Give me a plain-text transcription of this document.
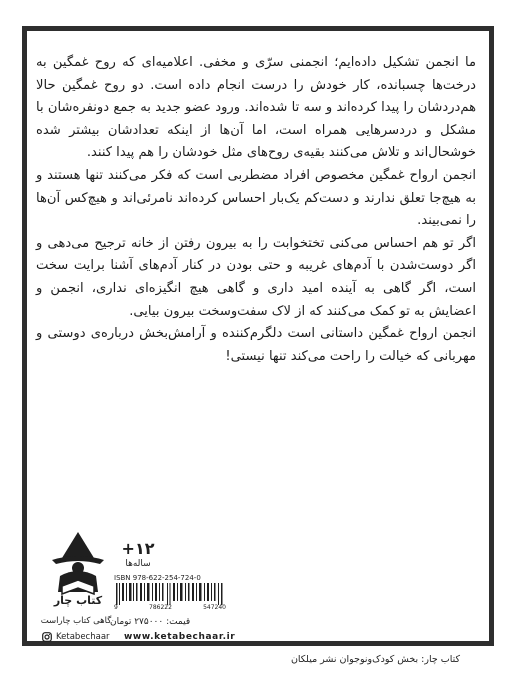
ما انجمن تشکیل داده‌ایم؛ انجمنی سرّی و مخفی. اعلامیه‌ای که روح غمگین به درخت‌ها چسبانده، کار خودش را درست انجام داده است. دو روح غمگین حالا هم‌دردشان را پیدا کرده‌اند و سه تا شده‌اند. ورود عضو جدید به جمع دونفره‌شان با مشکل و دردسرهایی همراه است، اما آن‌ها از اینکه تعدادشان بیشتر شده خوشحال‌اند و تلاش می‌کنند بقیه‌ی روح‌های مثل خودشان را هم پیدا کنند.

انجمن ارواح غمگین مخصوص افراد مضطربی است که فکر می‌کنند تنها هستند و به هیچ‌جا تعلق ندارند و دست‌کم یک‌بار احساس کرده‌اند نامرئی‌اند و هیچ‌کس آن‌ها را نمی‌بیند.

اگر تو هم احساس می‌کنی تختخوابت را به بیرون رفتن از خانه ترجیح می‌دهی و اگر دوست‌شدن با آدم‌های غریبه و حتی بودن در کنار آدم‌های آشنا برایت سخت است، اگر گاهی به آینده امید داری و گاهی هیچ انگیزه‌ای نداری، انجمن و اعضایش به تو کمک می‌کنند که از لاک سفت‌وسخت بیرون بیایی.

انجمن ارواح غمگین داستانی است دلگرم‌کننده و آرامش‌بخش درباره‌ی دوستی و مهربانی که خیالت را راحت می‌کند تنها نیستی!

کتاب چار
+۱۲
ساله‌ها
ISBN 978-622-254-724-0
9	786222	547240
قیمت: ۲۷۵۰۰۰ تومان
گاهی کتاب چاراست
Ketabechaar www.ketabechaar.ir
کتاب چار: بخش کودک‌ونوجوان نشر میلکان
